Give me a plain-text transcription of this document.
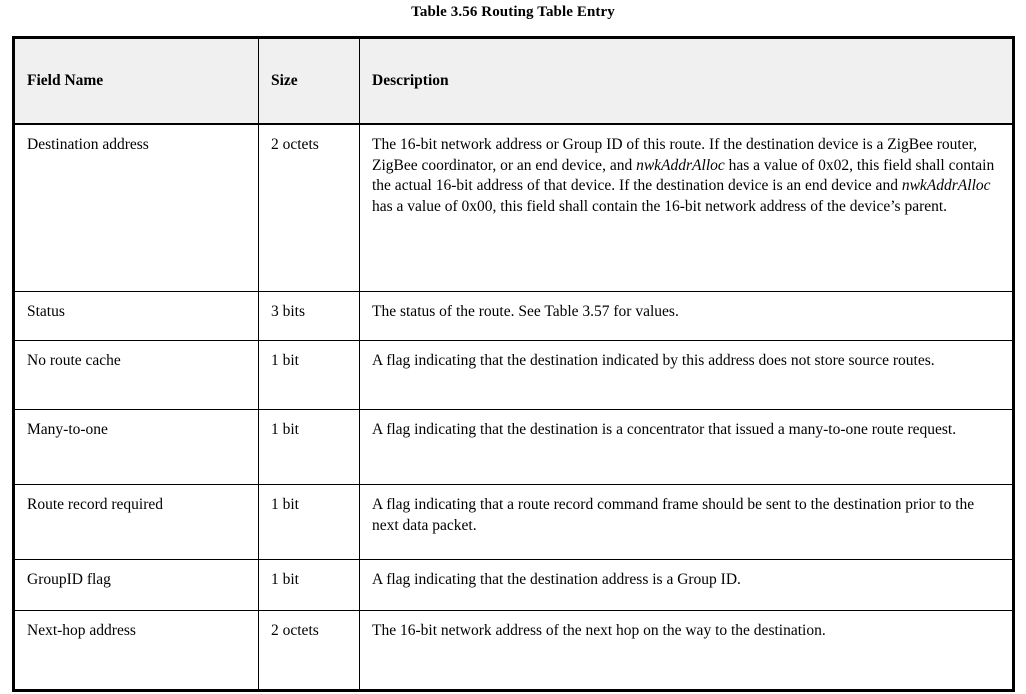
Table 3.56 Routing Table Entry
Field Name	Size	Description
Destination address	2 octets	The 16-bit network address or Group ID of this route. If the destination device is a ZigBee router, ZigBee coordinator, or an end device, and nwkAddrAlloc has a value of 0x02, this field shall contain the actual 16-bit address of that device. If the destination device is an end device and nwkAddrAlloc has a value of 0x00, this field shall contain the 16-bit network address of the device’s parent.
Status	3 bits	The status of the route. See Table 3.57 for values.
No route cache	1 bit	A flag indicating that the destination indicated by this address does not store source routes.
Many-to-one	1 bit	A flag indicating that the destination is a concentrator that issued a many-to-one route request.
Route record required	1 bit	A flag indicating that a route record command frame should be sent to the destination prior to the next data packet.
GroupID flag	1 bit	A flag indicating that the destination address is a Group ID.
Next-hop address	2 octets	The 16-bit network address of the next hop on the way to the destination.
